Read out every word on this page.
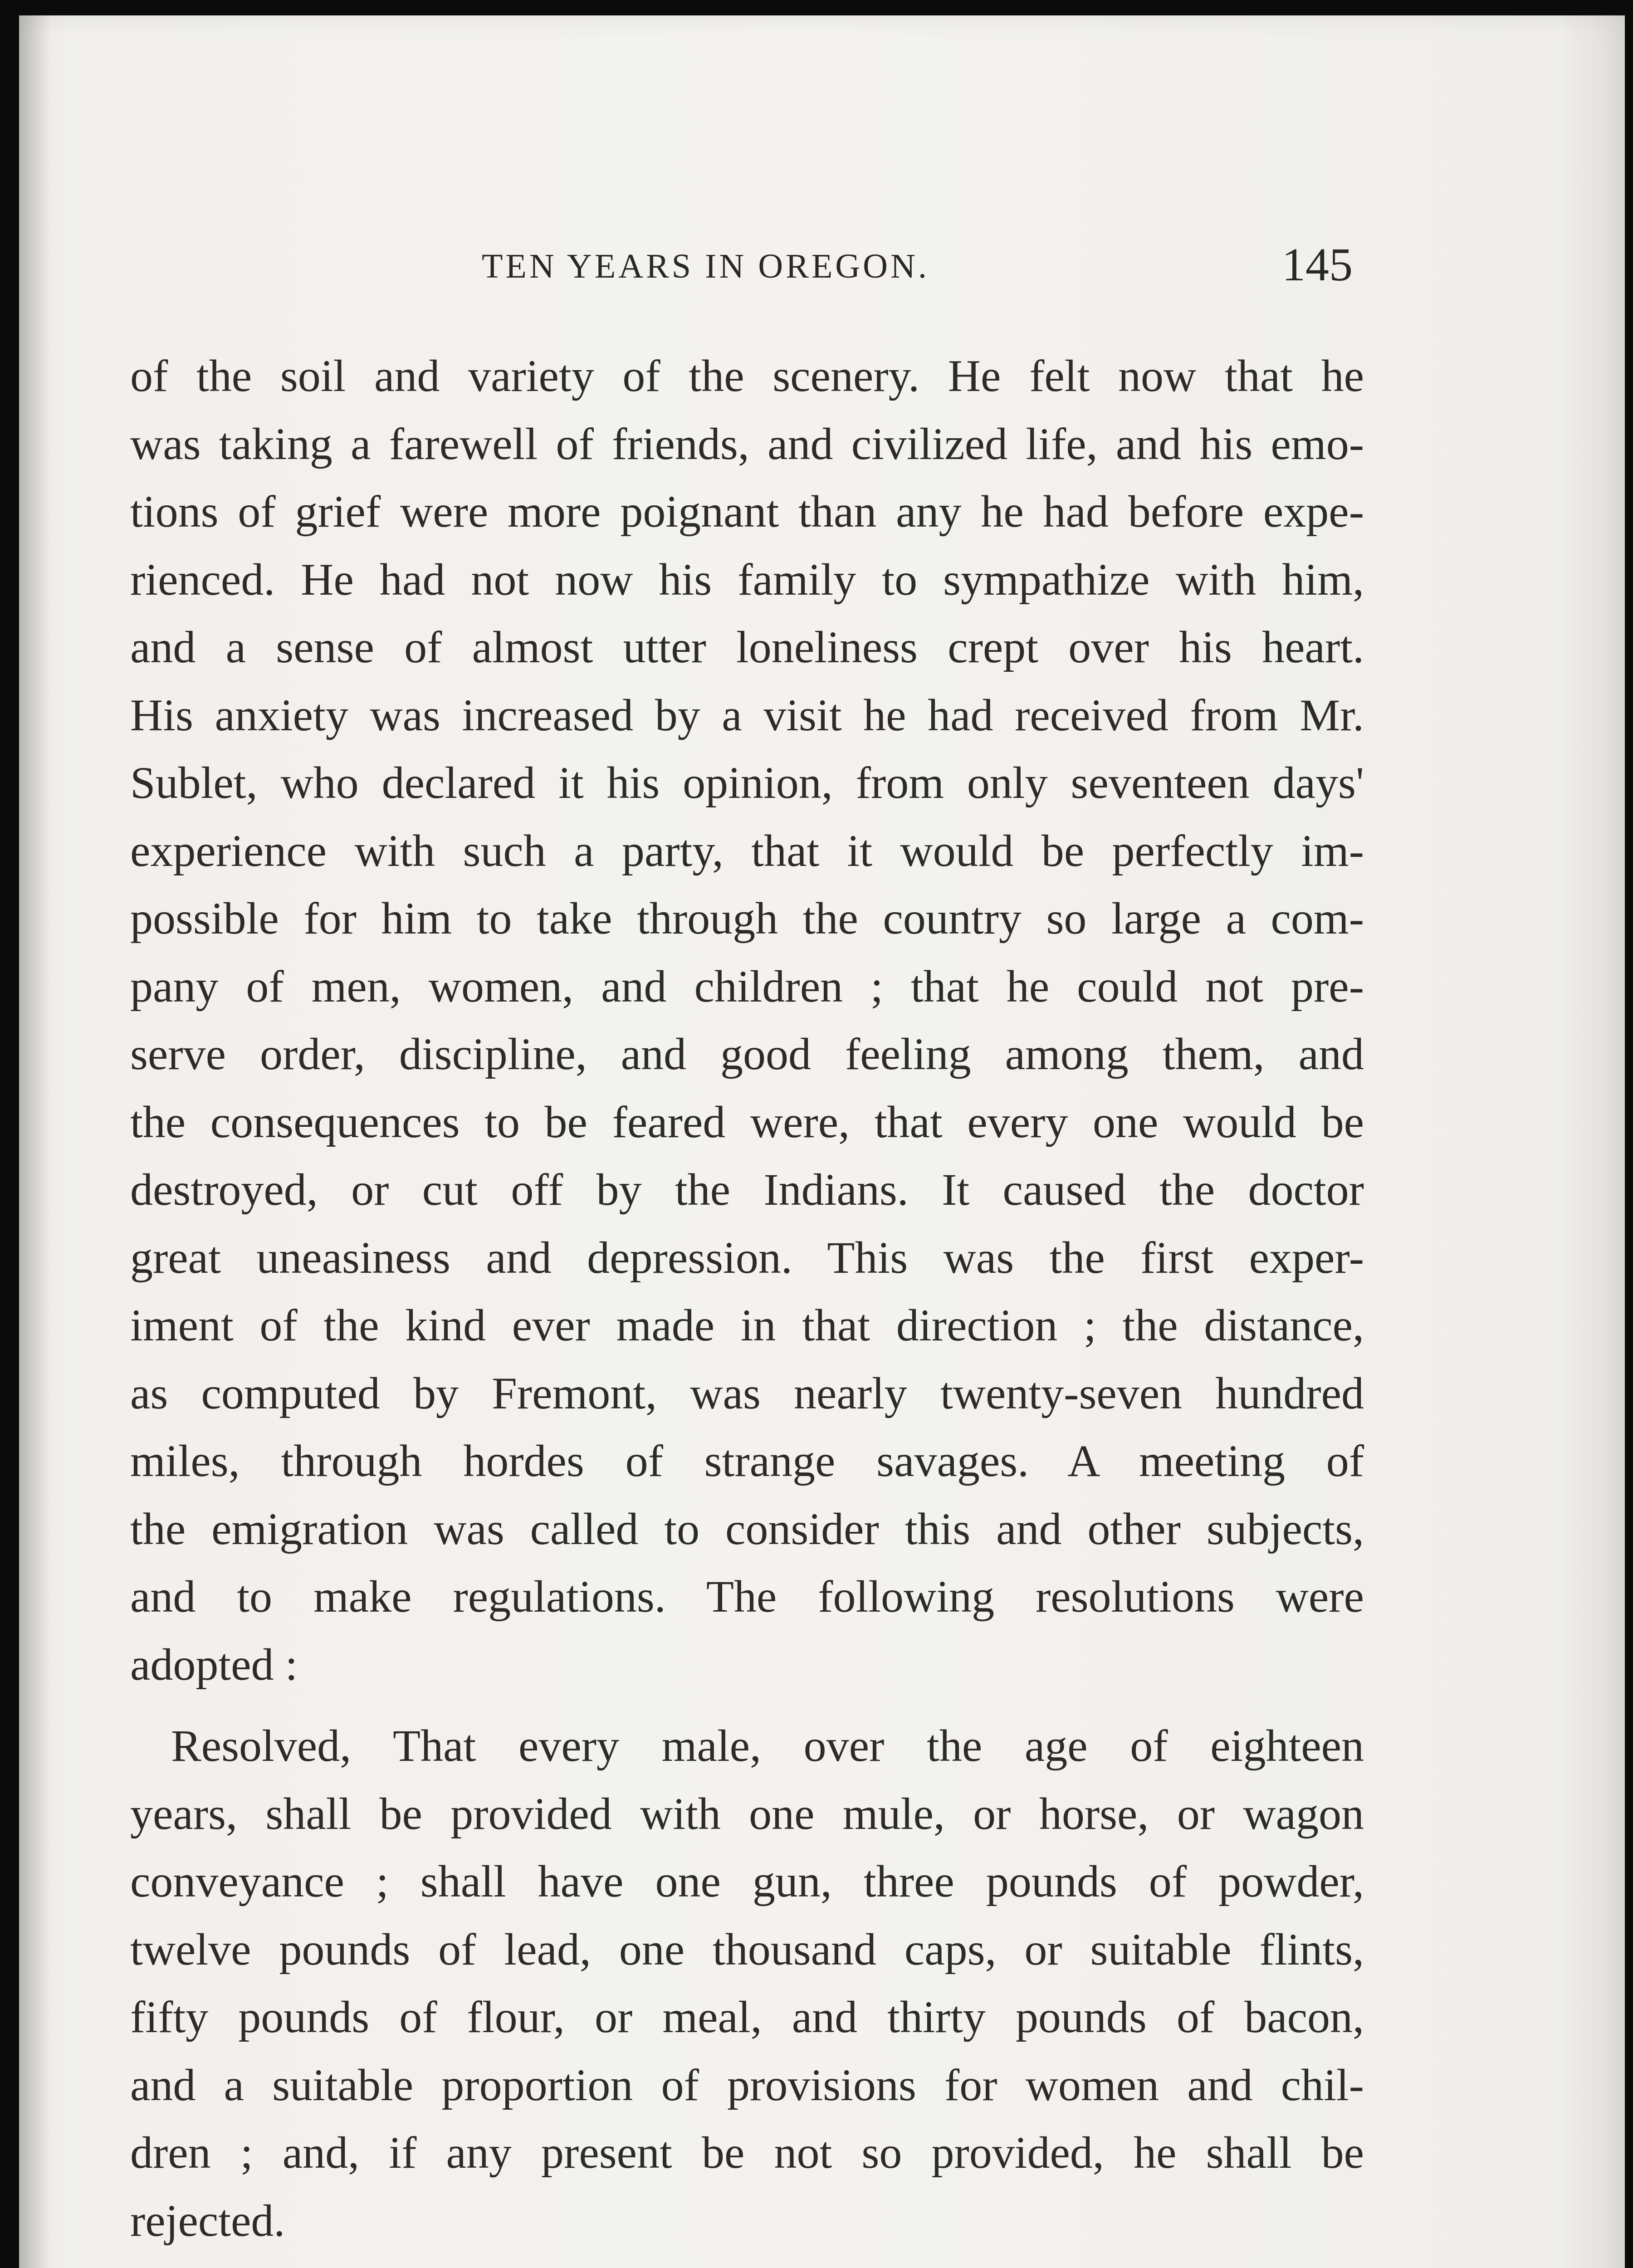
TEN YEARS IN OREGON.	145
of the soil and variety of the scenery. He felt now that he
was taking a farewell of friends, and civilized life, and his emo-
tions of grief were more poignant than any he had before expe-
rienced. He had not now his family to sympathize with him,
and a sense of almost utter loneliness crept over his heart.
His anxiety was increased by a visit he had received from Mr.
Sublet, who declared it his opinion, from only seventeen days'
experience with such a party, that it would be perfectly im-
possible for him to take through the country so large a com-
pany of men, women, and children ; that he could not pre-
serve order, discipline, and good feeling among them, and
the consequences to be feared were, that every one would be
destroyed, or cut off by the Indians. It caused the doctor
great uneasiness and depression. This was the first exper-
iment of the kind ever made in that direction ; the distance,
as computed by Fremont, was nearly twenty-seven hundred
miles, through hordes of strange savages. A meeting of
the emigration was called to consider this and other subjects,
and to make regulations. The following resolutions were
adopted :
Resolved, That every male, over the age of eighteen
years, shall be provided with one mule, or horse, or wagon
conveyance ; shall have one gun, three pounds of powder,
twelve pounds of lead, one thousand caps, or suitable flints,
fifty pounds of flour, or meal, and thirty pounds of bacon,
and a suitable proportion of provisions for women and chil-
dren ; and, if any present be not so provided, he shall be
rejected.
